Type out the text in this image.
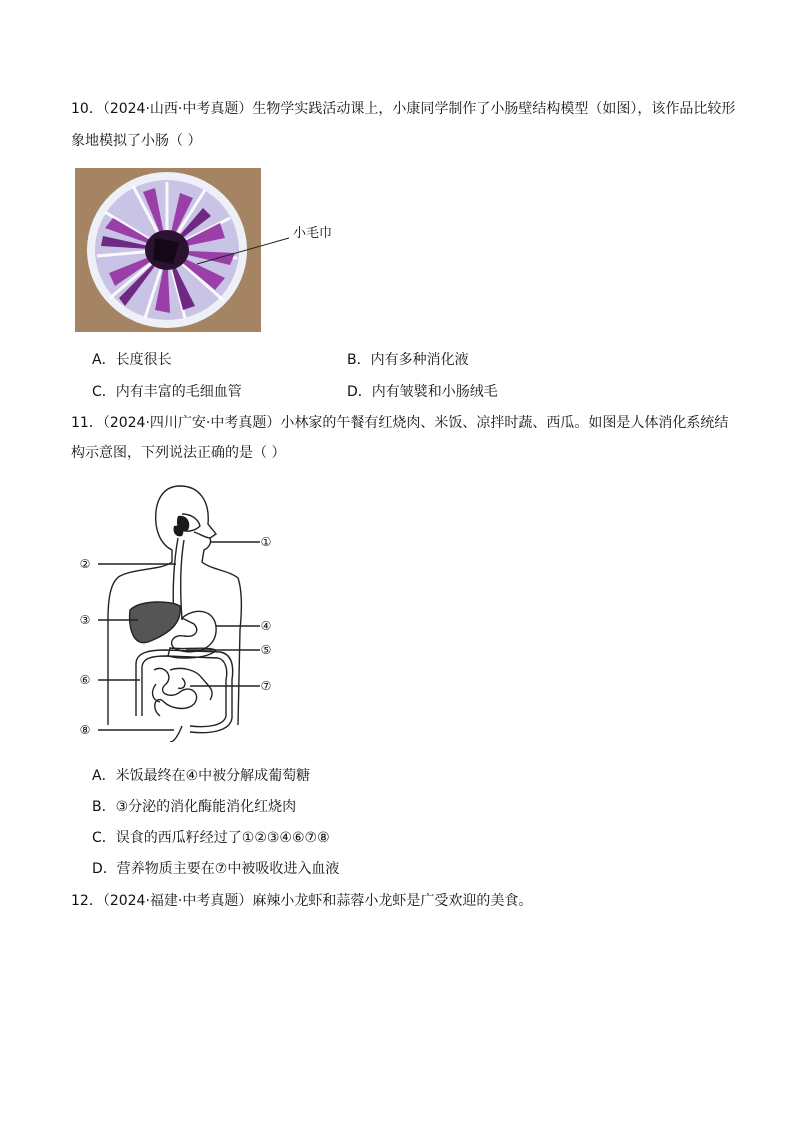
10．（2024·山西·中考真题）生物学实践活动课上，小康同学制作了小肠壁结构模型（如图），该作品比较形
象地模拟了小肠（ ）
小毛巾
A．长度很长	B．内有多种消化液
C．内有丰富的毛细血管	D．内有皱襞和小肠绒毛
11．（2024·四川广安·中考真题）小林家的午餐有红烧肉、米饭、凉拌时蔬、西瓜。如图是人体消化系统结
构示意图，下列说法正确的是（ ）
①
②
③	④
⑤
⑥	⑦
⑧
A．米饭最终在④中被分解成葡萄糖
B．③分泌的消化酶能消化红烧肉
C．误食的西瓜籽经过了①②③④⑥⑦⑧
D．营养物质主要在⑦中被吸收进入血液
12．（2024·福建·中考真题）麻辣小龙虾和蒜蓉小龙虾是广受欢迎的美食。
